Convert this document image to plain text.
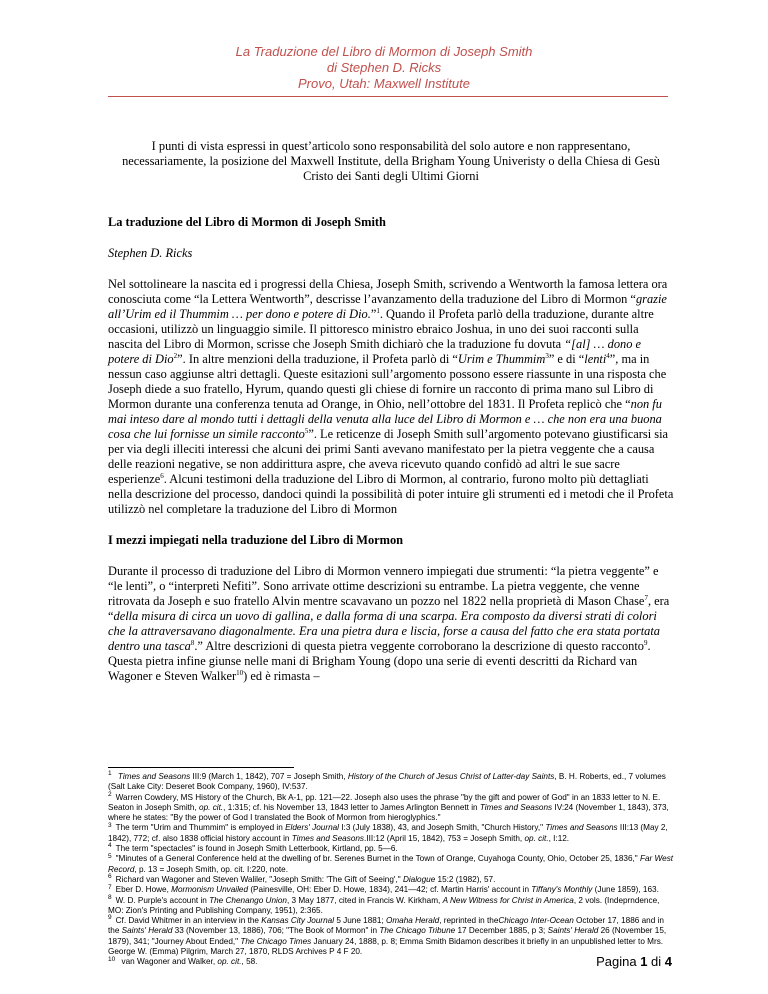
La Traduzione del Libro di Mormon di Joseph Smith
di Stephen D. Ricks
Provo, Utah: Maxwell Institute
I punti di vista espressi in quest’articolo sono responsabilità del solo autore e non rappresentano, necessariamente, la posizione del Maxwell Institute, della Brigham Young Univeristy o della Chiesa di Gesù Cristo dei Santi degli Ultimi Giorni
La traduzione del Libro di Mormon di Joseph Smith
Stephen D. Ricks

Nel sottolineare la nascita ed i progressi della Chiesa, Joseph Smith, scrivendo a Wentworth la famosa lettera ora conosciuta come “la Lettera Wentworth”, descrisse l’avanzamento della traduzione del Libro di Mormon “grazie all’Urim ed il Thummim … per dono e potere di Dio.”$^1$. Quando il Profeta parlò della traduzione, durante altre occasioni, utilizzò un linguaggio simile. Il pittoresco ministro ebraico Joshua, in uno dei suoi racconti sulla nascita del Libro di Mormon, scrisse che Joseph Smith dichiarò che la traduzione fu dovuta “[al] … dono e potere di Dio$^2$”. In altre menzioni della traduzione, il Profeta parlò di “Urim e Thummim$^3$” e di “lenti$^4$”, ma in nessun caso aggiunse altri dettagli. Queste esitazioni sull’argomento possono essere riassunte in una risposta che Joseph diede a suo fratello, Hyrum, quando questi gli chiese di fornire un racconto di prima mano sul Libro di Mormon durante una conferenza tenuta ad Orange, in Ohio, nell’ottobre del 1831. Il Profeta replicò che “non fu mai inteso dare al mondo tutti i dettagli della venuta alla luce del Libro di Mormon e … che non era una buona cosa che lui fornisse un simile racconto$^5$”. Le reticenze di Joseph Smith sull’argomento potevano giustificarsi sia per via degli illeciti interessi che alcuni dei primi Santi avevano manifestato per la pietra veggente che a causa delle reazioni negative, se non addirittura aspre, che aveva ricevuto quando confidò ad altri le sue sacre esperienze$^6$. Alcuni testimoni della traduzione del Libro di Mormon, al contrario, furono molto più dettagliati nella descrizione del processo, dandoci quindi la possibilità di poter intuire gli strumenti ed i metodi che il Profeta utilizzò nel completare la traduzione del Libro di Mormon

I mezzi impiegati nella traduzione del Libro di Mormon

Durante il processo di traduzione del Libro di Mormon vennero impiegati due strumenti: “la pietra veggente” e “le lenti”, o “interpreti Nefiti”. Sono arrivate ottime descrizioni su entrambe. La pietra veggente, che venne ritrovata da Joseph e suo fratello Alvin mentre scavavano un pozzo nel 1822 nella proprietà di Mason Chase$^7$, era “della misura di circa un uovo di gallina, e dalla forma di una scarpa. Era composto da diversi strati di colori che la attraversavano diagonalmente. Era una pietra dura e liscia, forse a causa del fatto che era stata portata dentro una tasca$^8$.” Altre descrizioni di questa pietra veggente corroborano la descrizione di questo racconto$^9$. Questa pietra infine giunse nelle mani di Brigham Young (dopo una serie di eventi descritti da Richard van Wagoner e Steven Walker$^{10}$) ed è rimasta –

$^1$ Times and Seasons III:9 (March 1, 1842), 707 = Joseph Smith, History of the Church of Jesus Christ of Latter-day Saints, B. H. Roberts, ed., 7 volumes (Salt Lake City: Deseret Book Company, 1960), IV:537.

$^2$ Warren Cowdery, MS History of the Church, Bk A-1, pp. 121—22. Joseph also uses the phrase "by the gift and power of God" in an 1833 letter to N. E. Seaton in Joseph Smith, op. cit., 1:315; cf. his November 13, 1843 letter to James Arlington Bennett in Times and Seasons IV:24 (November 1, 1843), 373, where he states: "By the power of God I translated the Book of Mormon from hieroglyphics."

$^3$ The term "Urim and Thummim" is employed in Elders' Journal I:3 (July 1838), 43, and Joseph Smith, "Church History," Times and Seasons III:13 (May 2, 1842), 772; cf. also 1838 official history account in Times and Seasons.III:12 (April 15, 1842), 753 = Joseph Smith, op. cit., I:12.

$^4$ The term "spectacles" is found in Joseph Smith Letterbook, Kirtland, pp. 5—6.

$^5$ "Minutes of a General Conference held at the dwelling of br. Serenes Burnet in the Town of Orange, Cuyahoga County, Ohio, October 25, 1836," Far West Record, p. 13 = Joseph Smith, op. cit. I:220, note.

$^6$ Richard van Wagoner and Steven Waliler, "Joseph Smith: 'The Gift of Seeing'," Dialogue 15:2 (1982), 57.

$^7$ Eber D. Howe, Mormonism Unvailed (Painesville, OH: Eber D. Howe, 1834), 241—42; cf. Martin Harris' account in Tiffany's Monthly (June 1859), 163.

$^8$ W. D. Purple's account in The Chenango Union, 3 May 1877, cited in Francis W. Kirkham, A New Witness for Christ in America, 2 vols. (Indeprndence, MO: Zion's Printing and Publishing Company, 1951), 2:365.

$^9$ Cf. David Whitmer in an interview in the Kansas City Journal 5 June 1881; Omaha Herald, reprinted in theChicago Inter-Ocean October 17, 1886 and in the Saints' Herald 33 (November 13, 1886), 706; "The Book of Mormon" in The Chicago Tribune 17 December 1885, p 3; Saints' Herald 26 (November 15, 1879), 341; "Journey About Ended," The Chicago Times January 24, 1888, p. 8; Emma Smith Bidamon describes it briefly in an unpublished letter to Mrs. George W. (Emma) Pilgrim, March 27, 1870, RLDS Archives P 4 F 20.

$^{10}$ van Wagoner and Walker, op. cit., 58.	Pagina 1 di 4
